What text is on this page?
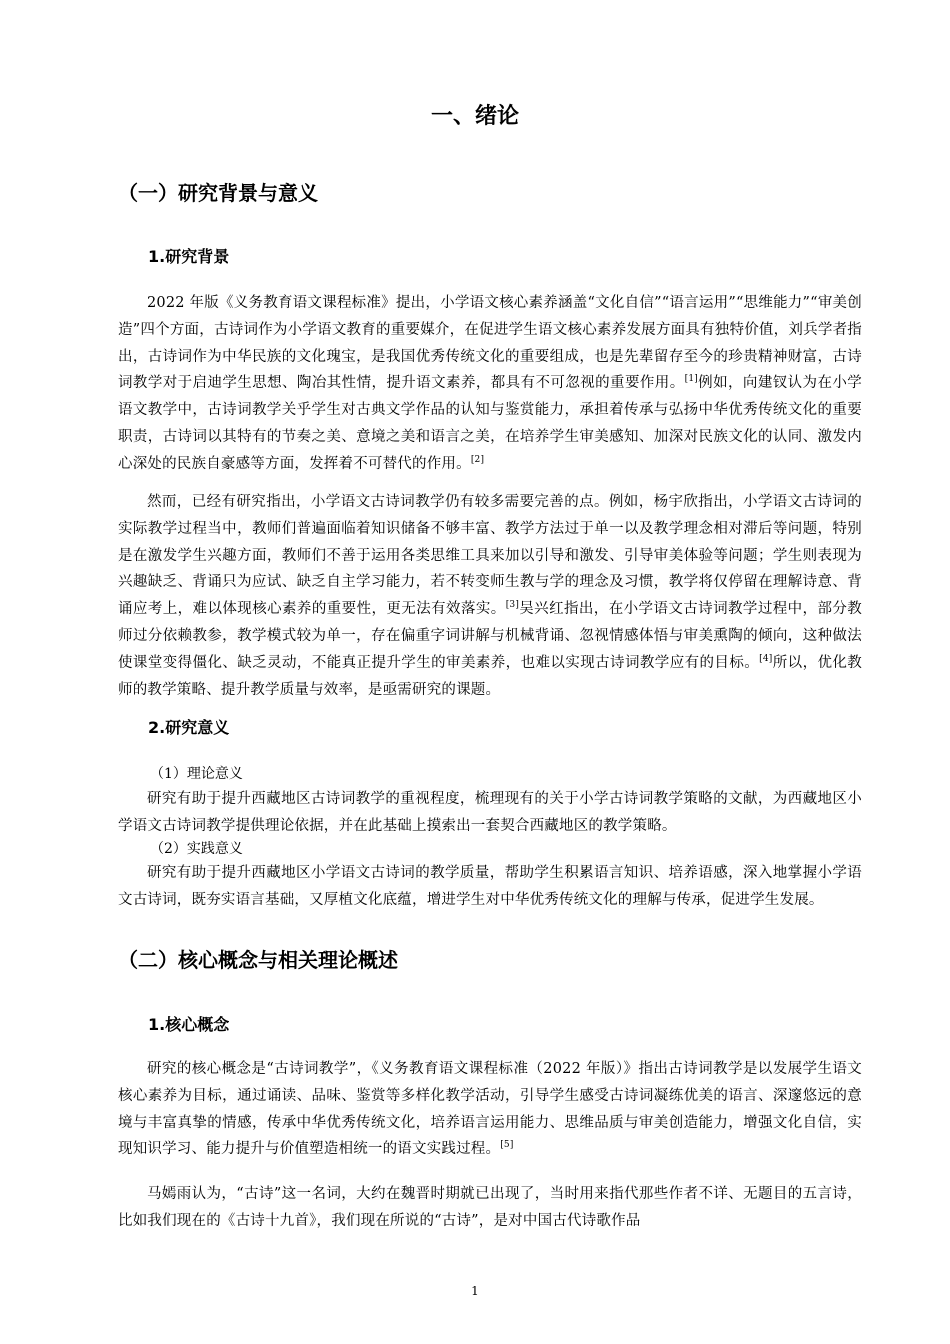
一、绪论
（一）研究背景与意义
1.研究背景

2022 年版《义务教育语文课程标准》提出，小学语文核心素养涵盖“文化自信”“语言运用”“思维能力”“审美创造”四个方面，古诗词作为小学语文教育的重要媒介，在促进学生语文核心素养发展方面具有独特价值，刘兵学者指出，古诗词作为中华民族的文化瑰宝，是我国优秀传统文化的重要组成，也是先辈留存至今的珍贵精神财富，古诗词教学对于启迪学生思想、陶冶其性情，提升语文素养，都具有不可忽视的重要作用。[1]例如，向建钗认为在小学语文教学中，古诗词教学关乎学生对古典文学作品的认知与鉴赏能力，承担着传承与弘扬中华优秀传统文化的重要职责，古诗词以其特有的节奏之美、意境之美和语言之美，在培养学生审美感知、加深对民族文化的认同、激发内心深处的民族自豪感等方面，发挥着不可替代的作用。[2]

然而，已经有研究指出，小学语文古诗词教学仍有较多需要完善的点。例如，杨宇欣指出，小学语文古诗词的实际教学过程当中，教师们普遍面临着知识储备不够丰富、教学方法过于单一以及教学理念相对滞后等问题，特别是在激发学生兴趣方面，教师们不善于运用各类思维工具来加以引导和激发、引导审美体验等问题；学生则表现为兴趣缺乏、背诵只为应试、缺乏自主学习能力，若不转变师生教与学的理念及习惯，教学将仅停留在理解诗意、背诵应考上，难以体现核心素养的重要性，更无法有效落实。[3]吴兴红指出，在小学语文古诗词教学过程中，部分教师过分依赖教参，教学模式较为单一，存在偏重字词讲解与机械背诵、忽视情感体悟与审美熏陶的倾向，这种做法使课堂变得僵化、缺乏灵动，不能真正提升学生的审美素养，也难以实现古诗词教学应有的目标。[4]所以，优化教师的教学策略、提升教学质量与效率，是亟需研究的课题。

2.研究意义

（1）理论意义

研究有助于提升西藏地区古诗词教学的重视程度，梳理现有的关于小学古诗词教学策略的文献，为西藏地区小学语文古诗词教学提供理论依据，并在此基础上摸索出一套契合西藏地区的教学策略。

（2）实践意义

研究有助于提升西藏地区小学语文古诗词的教学质量，帮助学生积累语言知识、培养语感，深入地掌握小学语文古诗词，既夯实语言基础，又厚植文化底蕴，增进学生对中华优秀传统文化的理解与传承，促进学生发展。

（二）核心概念与相关理论概述
1.核心概念

研究的核心概念是“古诗词教学”，《义务教育语文课程标准（2022 年版）》指出古诗词教学是以发展学生语文核心素养为目标，通过诵读、品味、鉴赏等多样化教学活动，引导学生感受古诗词凝练优美的语言、深邃悠远的意境与丰富真挚的情感，传承中华优秀传统文化，培养语言运用能力、思维品质与审美创造能力，增强文化自信，实现知识学习、能力提升与价值塑造相统一的语文实践过程。[5]

马嫣雨认为，“古诗”这一名词，大约在魏晋时期就已出现了，当时用来指代那些作者不详、无题目的五言诗，比如我们现在的《古诗十九首》，我们现在所说的“古诗”，是对中国古代诗歌作品

1
